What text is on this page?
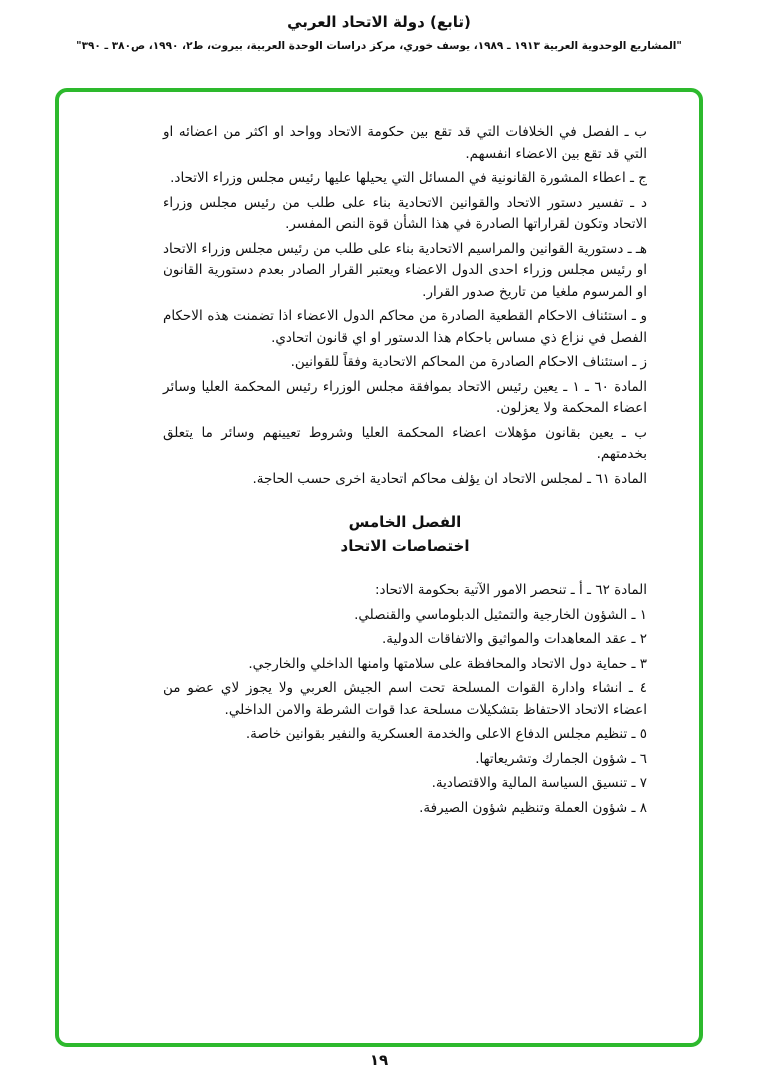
(تابع) دولة الاتحاد العربي
"المشاريع الوحدوية العربية ١٩١٣ ـ ١٩٨٩، يوسف خوري، مركز دراسات الوحدة العربية، بيروت، ط٢، ١٩٩٠، ص٣٨٠ ـ ٣٩٠"

ب ـ الفصل في الخلافات التي قد تقع بين حكومة الاتحاد وواحد او اكثر من اعضائه او التي قد تقع بين الاعضاء انفسهم.

ج ـ اعطاء المشورة القانونية في المسائل التي يحيلها عليها رئيس مجلس وزراء الاتحاد.

د ـ تفسير دستور الاتحاد والقوانين الاتحادية بناء على طلب من رئيس مجلس وزراء الاتحاد وتكون لقراراتها الصادرة في هذا الشأن قوة النص المفسر.

هـ ـ دستورية القوانين والمراسيم الاتحادية بناء على طلب من رئيس مجلس وزراء الاتحاد او رئيس مجلس وزراء احدى الدول الاعضاء ويعتبر القرار الصادر بعدم دستورية القانون او المرسوم ملغيا من تاريخ صدور القرار.

و ـ استئناف الاحكام القطعية الصادرة من محاكم الدول الاعضاء اذا تضمنت هذه الاحكام الفصل في نزاع ذي مساس باحكام هذا الدستور او اي قانون اتحادي.

ز ـ استئناف الاحكام الصادرة من المحاكم الاتحادية وفقاً للقوانين.

المادة ٦٠ ـ ١ ـ يعين رئيس الاتحاد بموافقة مجلس الوزراء رئيس المحكمة العليا وسائر اعضاء المحكمة ولا يعزلون.

ب ـ يعين بقانون مؤهلات اعضاء المحكمة العليا وشروط تعيينهم وسائر ما يتعلق بخدمتهم.

المادة ٦١ ـ لمجلس الاتحاد ان يؤلف محاكم اتحادية اخرى حسب الحاجة.

الفصل الخامس
اختصاصات الاتحاد

المادة ٦٢ ـ أ ـ تنحصر الامور الآتية بحكومة الاتحاد:

١ ـ الشؤون الخارجية والتمثيل الدبلوماسي والقنصلي.

٢ ـ عقد المعاهدات والمواثيق والاتفاقات الدولية.

٣ ـ حماية دول الاتحاد والمحافظة على سلامتها وامنها الداخلي والخارجي.

٤ ـ انشاء وادارة القوات المسلحة تحت اسم الجيش العربي ولا يجوز لاي عضو من اعضاء الاتحاد الاحتفاظ بتشكيلات مسلحة عدا قوات الشرطة والامن الداخلي.

٥ ـ تنظيم مجلس الدفاع الاعلى والخدمة العسكرية والنفير بقوانين خاصة.

٦ ـ شؤون الجمارك وتشريعاتها.

٧ ـ تنسيق السياسة المالية والاقتصادية.

٨ ـ شؤون العملة وتنظيم شؤون الصيرفة.

١٩
